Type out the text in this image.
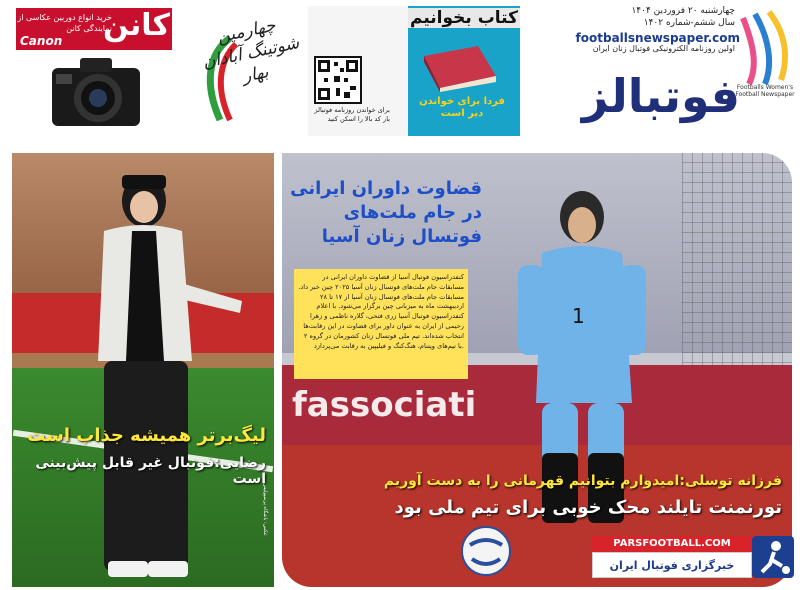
خرید انواع دوربین عکاسی از نمایندگی کانن
کانن
Canon	چهارمین شوتینگ آبادان بهار
برای خواندن روزنامه فوتبالز بار کد بالا را اسکن کنید
کتاب بخوانیم
فردا برای خواندن دیر است
چهارشنبه ۲۰ فروردین ۱۴۰۴
سال ششم-شماره ۱۴۰۲
footballsnewspaper.com
اولین روزنامه الکترونیکی فوتبال زنان ایران
فوتبالز
Footballs Women's Football Newspaper
لیگ‌برتر همیشه جذاب است
رضایی:فوتبال غیر قابل پیش‌بینی است
عکس: باشگاه پرسپولیس
fassociati
1
قضاوت داوران ایرانی
در جام ملت‌های
فوتسال زنان آسیا
کنفدراسیون فوتبال آسیا از قضاوت داوران ایرانی در مسابقات جام ملت‌های فوتسال زنان آسیا ۲۰۲۵ چین خبر داد. مسابقات جام ملت‌های فوتسال زنان آسیا از ۱۷ تا ۲۸ اردیبهشت ماه به میزبانی چین برگزار می‌شود. با اعلام کنفدراسیون فوتبال آسیا زری فتحی، گلاره ناظمی و زهرا رحیمی از ایران به عنوان داور برای قضاوت در این رقابت‌ها انتخاب شده‌اند. تیم ملی فوتسال زنان کشورمان در گروه ۲ با تیم‌های ویتنام، هنگ‌کنگ و فیلیپین به رقابت می‌پردازد.
فرزانه توسلی:امیدوارم بتوانیم قهرمانی را به دست آوریم
تورنمنت تایلند محک خوبی برای تیم ملی بود
PARSFOOTBALL.COM
خبرگزاری فوتبال ایران
